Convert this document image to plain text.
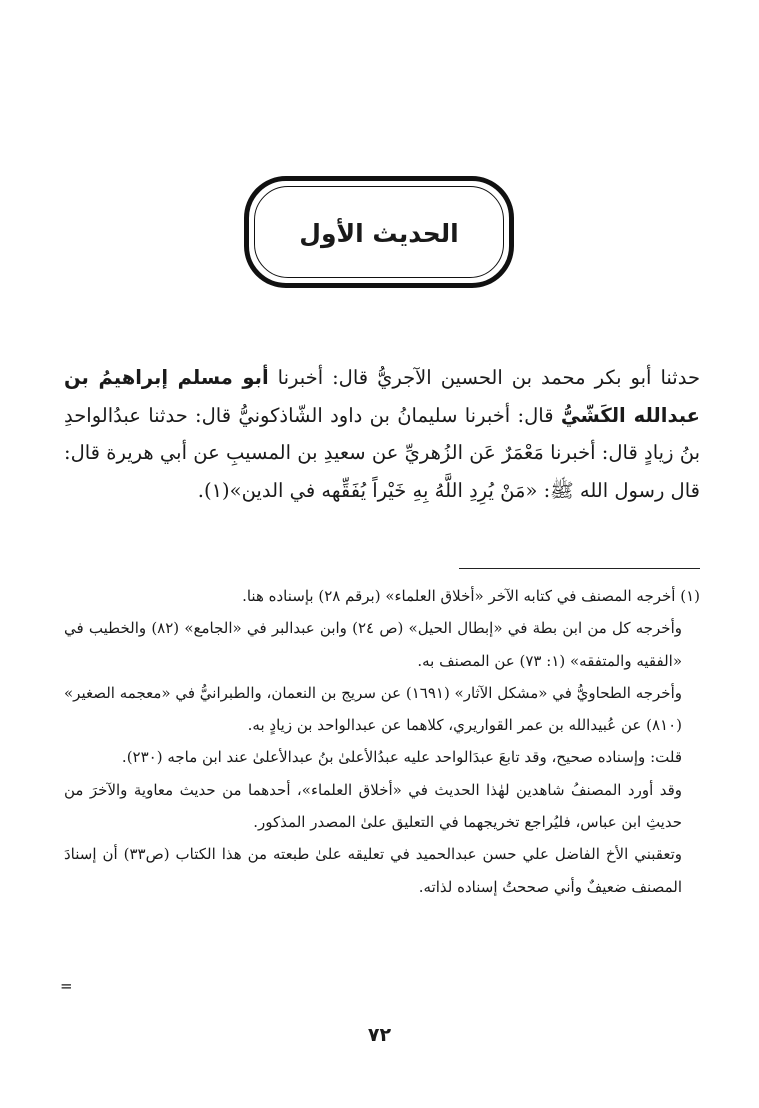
الحديث الأول

حدثنا أبو بكر محمد بن الحسين الآجريُّ قال: أخبرنا أبو مسلم إبراهيمُ بن عبدالله الكَشّيُّ قال: أخبرنا سليمانُ بن داود الشّاذكونيُّ قال: حدثنا عبدُالواحدِ بنُ زيادٍ قال: أخبرنا مَعْمَرٌ عَن الزُهريِّ عن سعيدِ بن المسيبِ عن أبي هريرة قال: قال رسول الله ﷺ: «مَنْ يُرِدِ اللَّهُ بِهِ خَيْراً يُفَقِّهه في الدين»(١).

(١) أخرجه المصنف في كتابه الآخر «أخلاق العلماء» (برقم ٢٨) بإسناده هنا.

وأخرجه كل من ابن بطة في «إبطال الحيل» (ص ٢٤) وابن عبدالبر في «الجامع» (٨٢) والخطيب في «الفقيه والمتفقه» (١: ٧٣) عن المصنف به.

وأخرجه الطحاويُّ في «مشكل الآثار» (١٦٩١) عن سريج بن النعمان، والطبرانيُّ في «معجمه الصغير» (٨١٠) عن عُبيدالله بن عمر القواريري، كلاهما عن عبدالواحد بن زيادٍ به.

قلت: وإسناده صحيح، وقد تابعَ عبدَالواحد عليه عبدُالأعلىٰ بنُ عبدالأعلىٰ عند ابن ماجه (٢٣٠).

وقد أورد المصنفُ شاهدين لهٰذا الحديث في «أخلاق العلماء»، أحدهما من حديث معاوية والآخرَ من حديثِ ابن عباس، فليُراجع تخريجهما في التعليق علىٰ المصدر المذكور.

وتعقبني الأخ الفاضل علي حسن عبدالحميد في تعليقه علىٰ طبعته من هذا الكتاب (ص٣٣) أن إسنادَ المصنف ضعيفٌ وأني صححتُ إسناده لذاته.

=
٧٢
